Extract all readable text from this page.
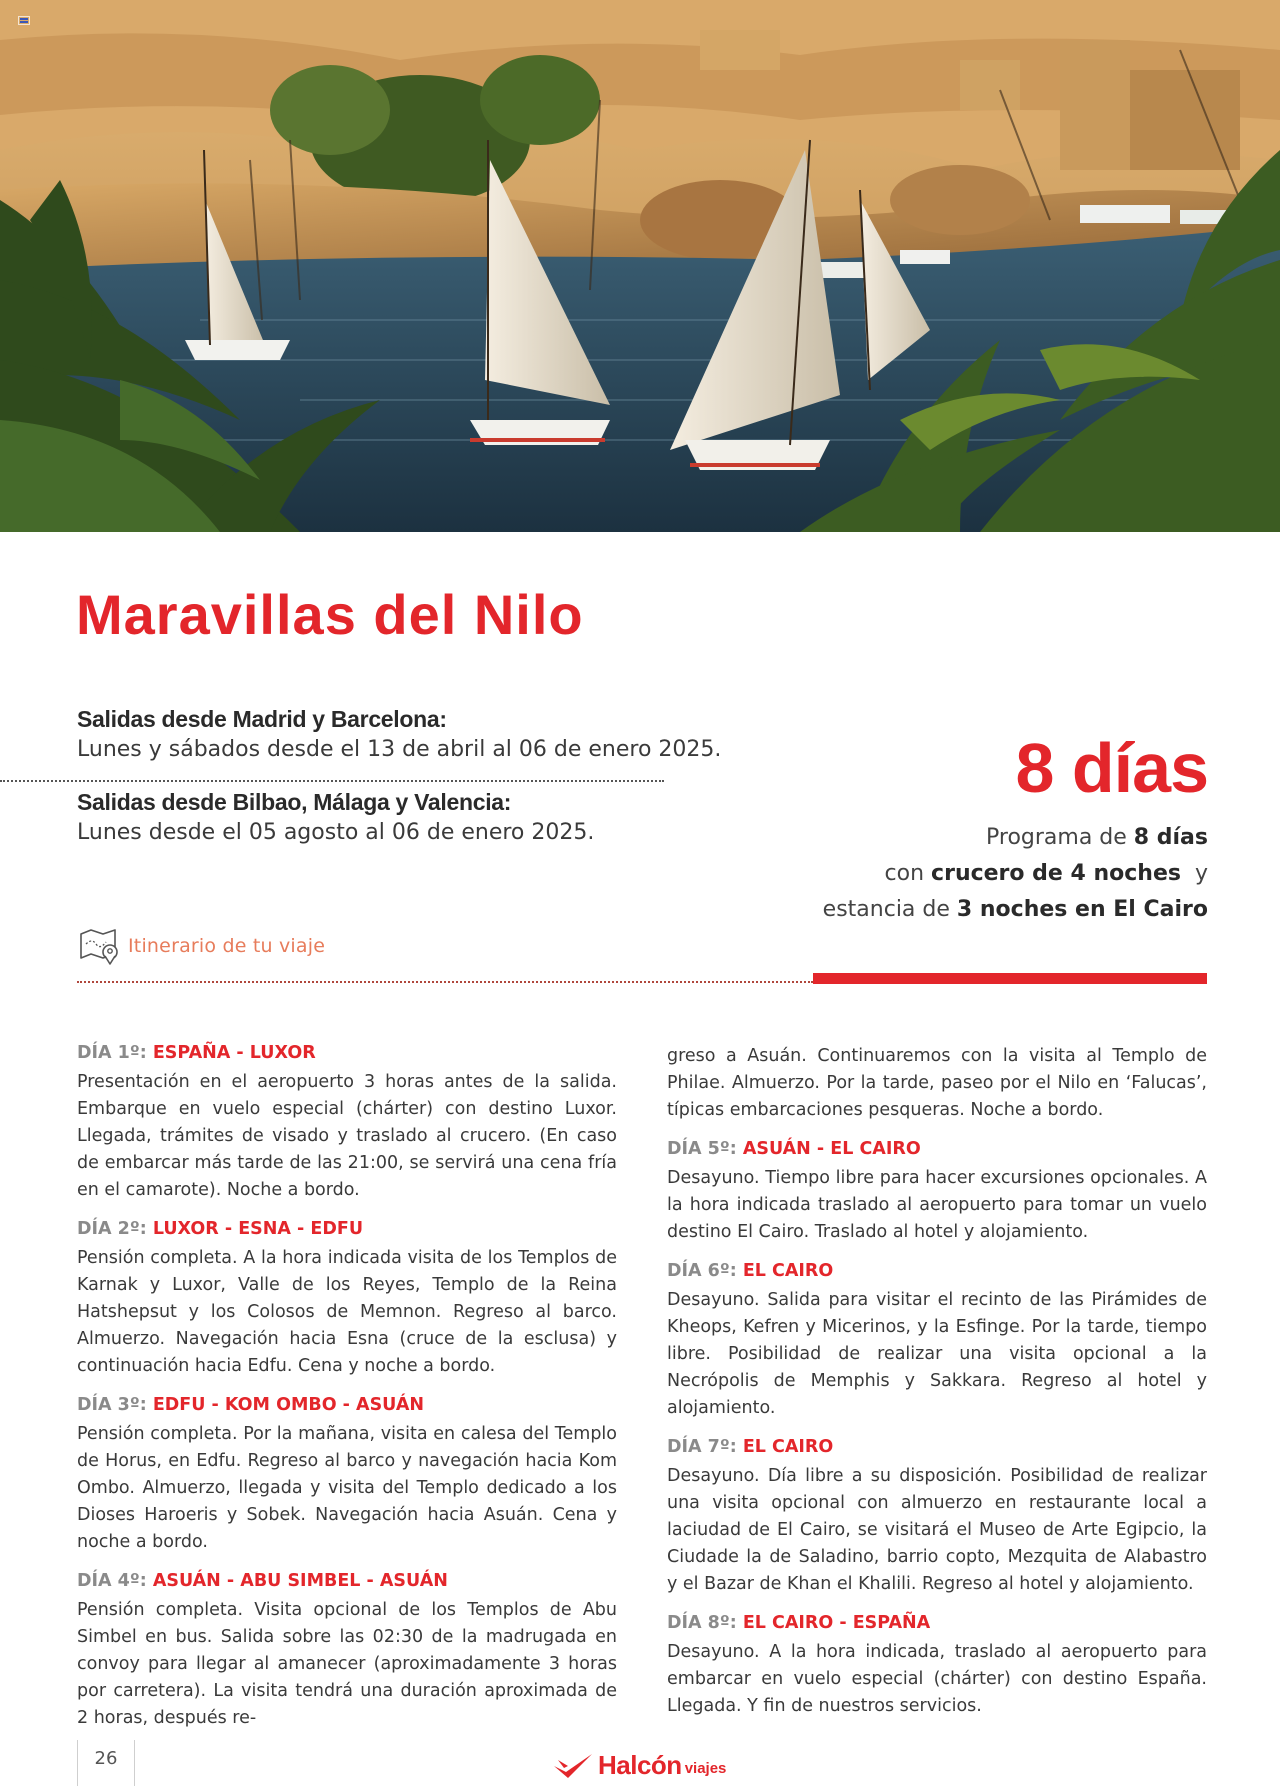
Maravillas del Nilo
Salidas desde Madrid y Barcelona:
Lunes y sábados desde el 13 de abril al 06 de enero 2025.
Salidas desde Bilbao, Málaga y Valencia:
Lunes desde el 05 agosto al 06 de enero 2025.
8 días
Programa de 8 días
con crucero de 4 noches  y
estancia de 3 noches en El Cairo
Itinerario de tu viaje
DÍA 1º: ESPAÑA - LUXOR

Presentación en el aeropuerto 3 horas antes de la salida. Embarque en vuelo especial (chárter) con destino Luxor. Llegada, trámites de visado y traslado al crucero. (En caso de embarcar más tarde de las 21:00, se servirá una cena fría en el camarote). Noche a bordo.

DÍA 2º: LUXOR - ESNA - EDFU

Pensión completa. A la hora indicada visita de los Templos de Karnak y Luxor, Valle de los Reyes, Templo de la Reina Hatshepsut y los Colosos de Memnon. Regreso al barco. Almuerzo. Navegación hacia Esna (cruce de la esclusa) y continuación hacia Edfu. Cena y noche a bordo.

DÍA 3º: EDFU - KOM OMBO - ASUÁN

Pensión completa. Por la mañana, visita en calesa del Templo de Horus, en Edfu. Regreso al barco y navegación hacia Kom Ombo. Almuerzo, llegada y visita del Templo dedicado a los Dioses Haroeris y Sobek. Navegación hacia Asuán. Cena y noche a bordo.

DÍA 4º: ASUÁN - ABU SIMBEL - ASUÁN

Pensión completa. Visita opcional de los Templos de Abu Simbel en bus. Salida sobre las 02:30 de la madrugada en convoy para llegar al amanecer (aproximadamente 3 horas por carretera). La visita tendrá una duración aproximada de 2 horas, después re-

greso a Asuán. Continuaremos con la visita al Templo de Philae. Almuerzo. Por la tarde, paseo por el Nilo en ‘Falucas’, típicas embarcaciones pesqueras. Noche a bordo.

DÍA 5º: ASUÁN - EL CAIRO

Desayuno. Tiempo libre para hacer excursiones opcionales. A la hora indicada traslado al aeropuerto para tomar un vuelo destino El Cairo. Traslado al hotel y alojamiento.

DÍA 6º: EL CAIRO

Desayuno. Salida para visitar el recinto de las Pirámides de Kheops, Kefren y Micerinos, y la Esfinge. Por la tarde, tiempo libre. Posibilidad de realizar una visita opcional a la Necrópolis de Memphis y Sakkara. Regreso al hotel y alojamiento.

DÍA 7º: EL CAIRO

Desayuno. Día libre a su disposición. Posibilidad de realizar una visita opcional con almuerzo en restaurante local a laciudad de El Cairo, se visitará el Museo de Arte Egipcio, la Ciudade la de Saladino, barrio copto, Mezquita de Alabastro y el Bazar de Khan el Khalili. Regreso al hotel y alojamiento.

DÍA 8º: EL CAIRO - ESPAÑA

Desayuno. A la hora indicada, traslado al aeropuerto para embarcar en vuelo especial (chárter) con destino España. Llegada. Y fin de nuestros servicios.

26	Halcón viajes
